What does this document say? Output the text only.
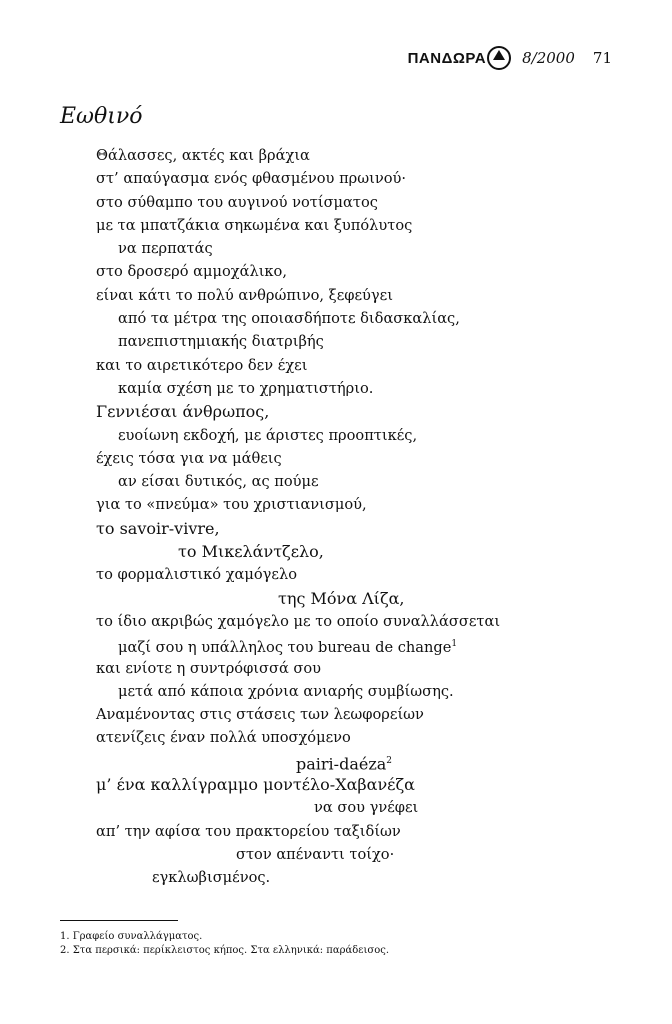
ΠΑΝΔΩΡΑ 8/2000 71
Εωθινό
Θάλασσες, ακτές και βράχια
στ’ απαύγασμα ενός φθασμένου πρωινού·
στο σύθαμπο του αυγινού νοτίσματος
με τα μπατζάκια σηκωμένα και ξυπόλυτος
να περπατάς
στο δροσερό αμμοχάλικο,
είναι κάτι το πολύ ανθρώπινο, ξεφεύγει
από τα μέτρα της οποιασδήποτε διδασκαλίας,
πανεπιστημιακής διατριβής
και το αιρετικότερο δεν έχει
καμία σχέση με το χρηματιστήριο.
Γεννιέσαι άνθρωπος,
ευοίωνη εκδοχή, με άριστες προοπτικές,
έχεις τόσα για να μάθεις
αν είσαι δυτικός, ας πούμε
για το «πνεύμα» του χριστιανισμού,
το savoir-vivre,
το Μικελάντζελο,
το φορμαλιστικό χαμόγελο
της Μόνα Λίζα,
το ίδιο ακριβώς χαμόγελο με το οποίο συναλλάσσεται
μαζί σου η υπάλληλος του bureau de change$^1$
και ενίοτε η συντρόφισσά σου
μετά από κάποια χρόνια ανιαρής συμβίωσης.
Αναμένοντας στις στάσεις των λεωφορείων
ατενίζεις έναν πολλά υποσχόμενο
pairi-daéza$^2$
μ’ ένα καλλίγραμμο μοντέλο-Χαβανέζα
να σου γνέφει
απ’ την αφίσα του πρακτορείου ταξιδίων
στον απέναντι τοίχο·
εγκλωβισμένος.
1. Γραφείο συναλλάγματος.
2. Στα περσικά: περίκλειστος κήπος. Στα ελληνικά: παράδεισος.
